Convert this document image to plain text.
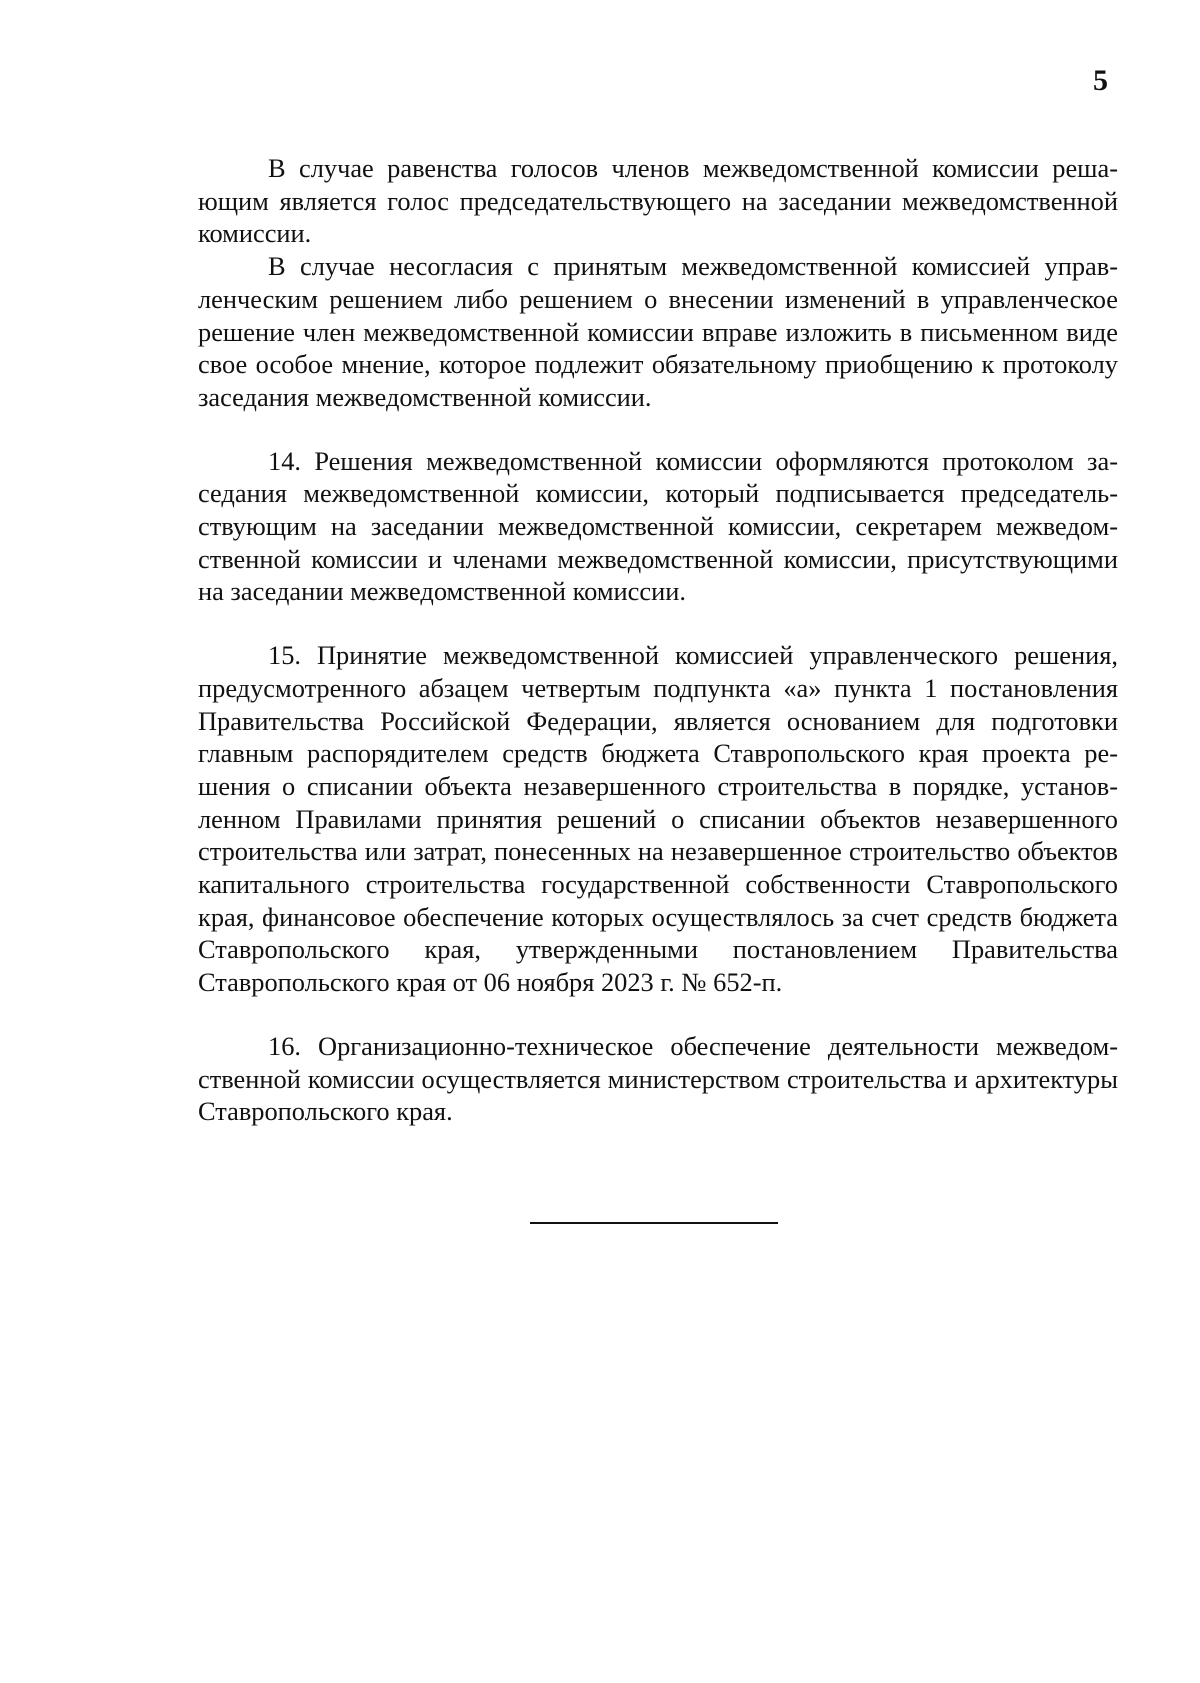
5

В случае равенства голосов членов межведомственной комиссии решающим является голос председательствующего на заседании межведомственной комиссии.

В случае несогласия с принятым межведомственной комиссией управленческим решением либо решением о внесении изменений в управленческое решение член межведомственной комиссии вправе изложить в письменном виде свое особое мнение, которое подлежит обязательному приобщению к протоколу заседания межведомственной комиссии.

14. Решения межведомственной комиссии оформляются протоколом заседания межведомственной комиссии, который подписывается председательствующим на заседании межведомственной комиссии, секретарем межведомственной комиссии и членами межведомственной комиссии, присутствующими на заседании межведомственной комиссии.

15. Принятие межведомственной комиссией управленческого решения, предусмотренного абзацем четвертым подпункта «а» пункта 1 постановления Правительства Российской Федерации, является основанием для подготовки главным распорядителем средств бюджета Ставропольского края проекта решения о списании объекта незавершенного строительства в порядке, установленном Правилами принятия решений о списании объектов незавершенного строительства или затрат, понесенных на незавершенное строительство объектов капитального строительства государственной собственности Ставропольского края, финансовое обеспечение которых осуществлялось за счет средств бюджета Ставропольского края, утвержденными постановлением Правительства Ставропольского края от 06 ноября 2023 г. № 652-п.

16. Организационно-техническое обеспечение деятельности межведомственной комиссии осуществляется министерством строительства и архитектуры Ставропольского края.
